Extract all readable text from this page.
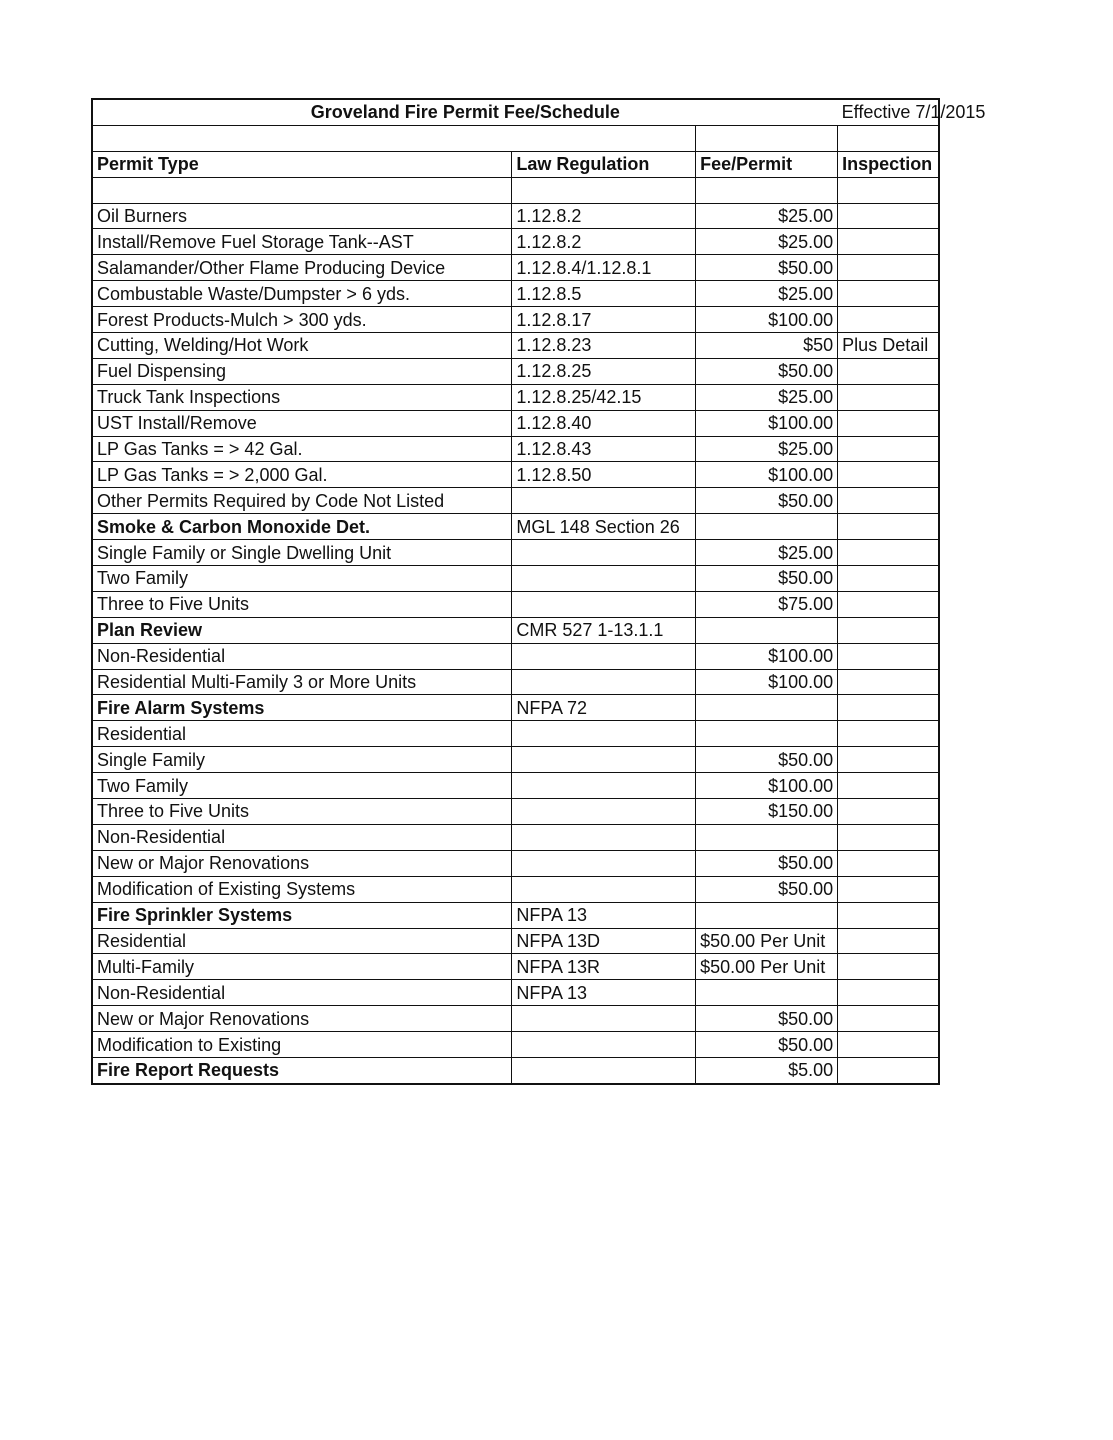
Groveland Fire Permit Fee/Schedule			Effective 7/1/2015

Permit Type	Law Regulation	Fee/Permit	Inspection

Oil Burners	1.12.8.2	$25.00	
Install/Remove Fuel Storage Tank--AST	1.12.8.2	$25.00	
Salamander/Other Flame Producing Device	1.12.8.4/1.12.8.1	$50.00	
Combustable Waste/Dumpster > 6 yds.	1.12.8.5	$25.00	
Forest Products-Mulch > 300 yds.	1.12.8.17	$100.00	
Cutting, Welding/Hot Work	1.12.8.23	$50	Plus Detail
Fuel Dispensing	1.12.8.25	$50.00	
Truck Tank Inspections	1.12.8.25/42.15	$25.00	
UST Install/Remove	1.12.8.40	$100.00	
LP Gas Tanks = > 42 Gal.	1.12.8.43	$25.00	
LP Gas Tanks = > 2,000 Gal.	1.12.8.50	$100.00	
Other Permits Required by Code Not Listed		$50.00	
Smoke & Carbon Monoxide Det.	MGL 148 Section 26		
Single Family or Single Dwelling Unit		$25.00	
Two Family		$50.00	
Three to Five Units		$75.00	
Plan Review	CMR 527 1-13.1.1		
Non-Residential		$100.00	
Residential Multi-Family 3 or More Units		$100.00	
Fire Alarm Systems	NFPA 72		
Residential			
Single Family		$50.00	
Two Family		$100.00	
Three to Five Units		$150.00	
Non-Residential			
New or Major Renovations		$50.00	
Modification of Existing Systems		$50.00	
Fire Sprinkler Systems	NFPA 13		
Residential	NFPA 13D	$50.00 Per Unit	
Multi-Family	NFPA 13R	$50.00 Per Unit	
Non-Residential	NFPA 13		
New or Major Renovations		$50.00	
Modification to Existing		$50.00	
Fire Report Requests		$5.00	
